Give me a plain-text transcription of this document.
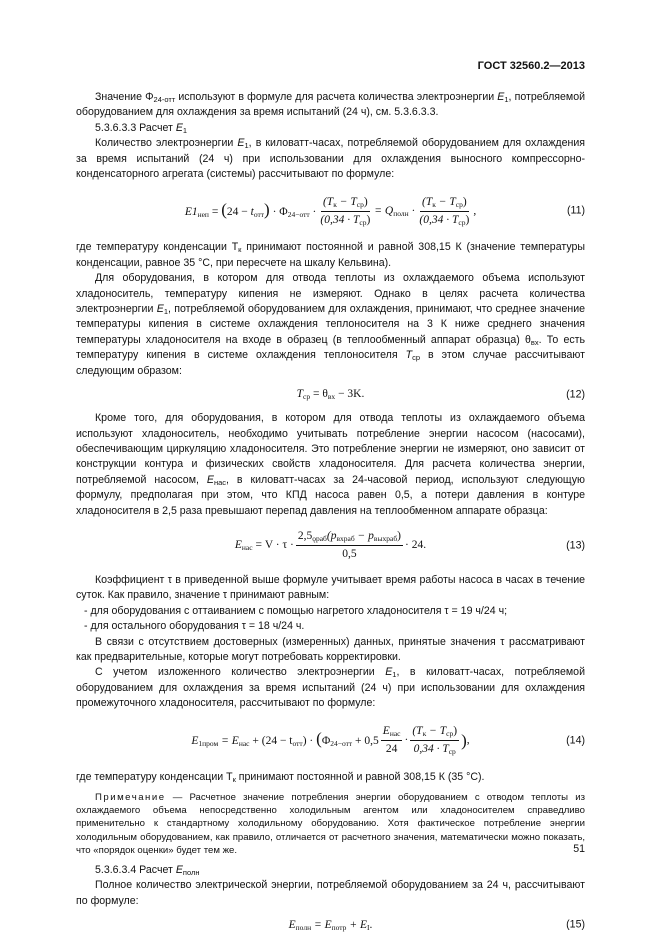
ГОСТ 32560.2—2013

Значение $\Phi_{24-отт}$ используют в формуле для расчета количества электроэнергии $E_1$, потребляемой оборудованием для охлаждения за время испытаний (24 ч), см. 5.3.6.3.3.

5.3.6.3.3 Расчет $E_1$

Количество электроэнергии $E_1$, в киловатт-часах, потребляемой оборудованием для охлаждения за время испытаний (24 ч) при использовании для охлаждения выносного компрессорно-конденсаторного агрегата (системы) рассчитывают по формуле:

$E1_{неп} = (24 - t_{отт}) \cdot \Phi_{24-отт} \cdot \frac{(T_к - T_{ср})}{(0,34 \cdot T_{ср})} = Q_{полн} \cdot \frac{(T_к - T_{ср})}{(0,34 \cdot T_{ср})}$ ,	(11)

где температуру конденсации $T_к$ принимают постоянной и равной 308,15 К (значение температуры конденсации, равное 35 °С, при пересчете на шкалу Кельвина).

Для оборудования, в котором для отвода теплоты из охлаждаемого объема используют хладоноситель, температуру кипения не измеряют. Однако в целях расчета количества электроэнергии $E_1$, потребляемой оборудованием для охлаждения, принимают, что среднее значение температуры кипения в системе охлаждения теплоносителя на 3 К ниже среднего значения температуры хладоносителя на входе в образец (в теплообменный аппарат образца) $\theta_{вх}$. То есть температуру кипения в системе охлаждения теплоносителя $T_{ср}$ в этом случае рассчитывают следующим образом:

$T_{ср} = \theta_{вх} - 3K$.	(12)

Кроме того, для оборудования, в котором для отвода теплоты из охлаждаемого объема используют хладоноситель, необходимо учитывать потребление энергии насосом (насосами), обеспечивающим циркуляцию хладоносителя. Это потребление энергии не измеряют, оно зависит от конструкции контура и физических свойств хладоносителя. Для расчета количества энергии, потребляемой насосом, $E_{нас}$, в киловатт-часах за 24-часовой период, используют следующую формулу, предполагая при этом, что КПД насоса равен 0,5, а потери давления в контуре хладоносителя в 2,5 раза превышают перепад давления на теплообменном аппарате образца:

$E_{нас} = V \cdot \tau \cdot \frac{2,5_{ǫраб}(p_{вхраб} - p_{выхраб})}{0,5} \cdot 24$.	(13)

Коэффициент τ в приведенной выше формуле учитывает время работы насоса в часах в течение суток. Как правило, значение τ принимают равным:

- для оборудования с оттаиванием с помощью нагретого хладоносителя τ = 19 ч/24 ч;
- для остального оборудования τ = 18 ч/24 ч.

В связи с отсутствием достоверных (измеренных) данных, принятые значения τ рассматривают как предварительные, которые могут потребовать корректировки.

С учетом изложенного количество электроэнергии $E_1$, в киловатт-часах, потребляемой оборудованием для охлаждения за время испытаний (24 ч) при использовании для охлаждения промежуточного хладоносителя, рассчитывают по формуле:

$E_{1пром} = E_{нас} + (24 - t_{отт}) \cdot (\Phi_{24-отт} + 0,5 \frac{E_{нас}}{24} \cdot \frac{(T_к - T_{ср})}{0,34 \cdot T_{ср}}$ ) ,	(14)

где температуру конденсации $T_к$ принимают постоянной и равной 308,15 К (35 °С).

Примечание — Расчетное значение потребления энергии оборудованием с отводом теплоты из охлаждаемого объема непосредственно холодильным агентом или хладоносителем справедливо применительно к стандартному холодильному оборудованию. Хотя фактическое потребление энергии холодильным оборудованием, как правило, отличается от расчетного значения, математически можно показать, что «порядок оценки» будет тем же.

5.3.6.3.4 Расчет $E_{полн}$

Полное количество электрической энергии, потребляемой оборудованием за 24 ч, рассчитывают по формуле:

$E_{полн} = E_{потр} + E_I$.	(15)
51
